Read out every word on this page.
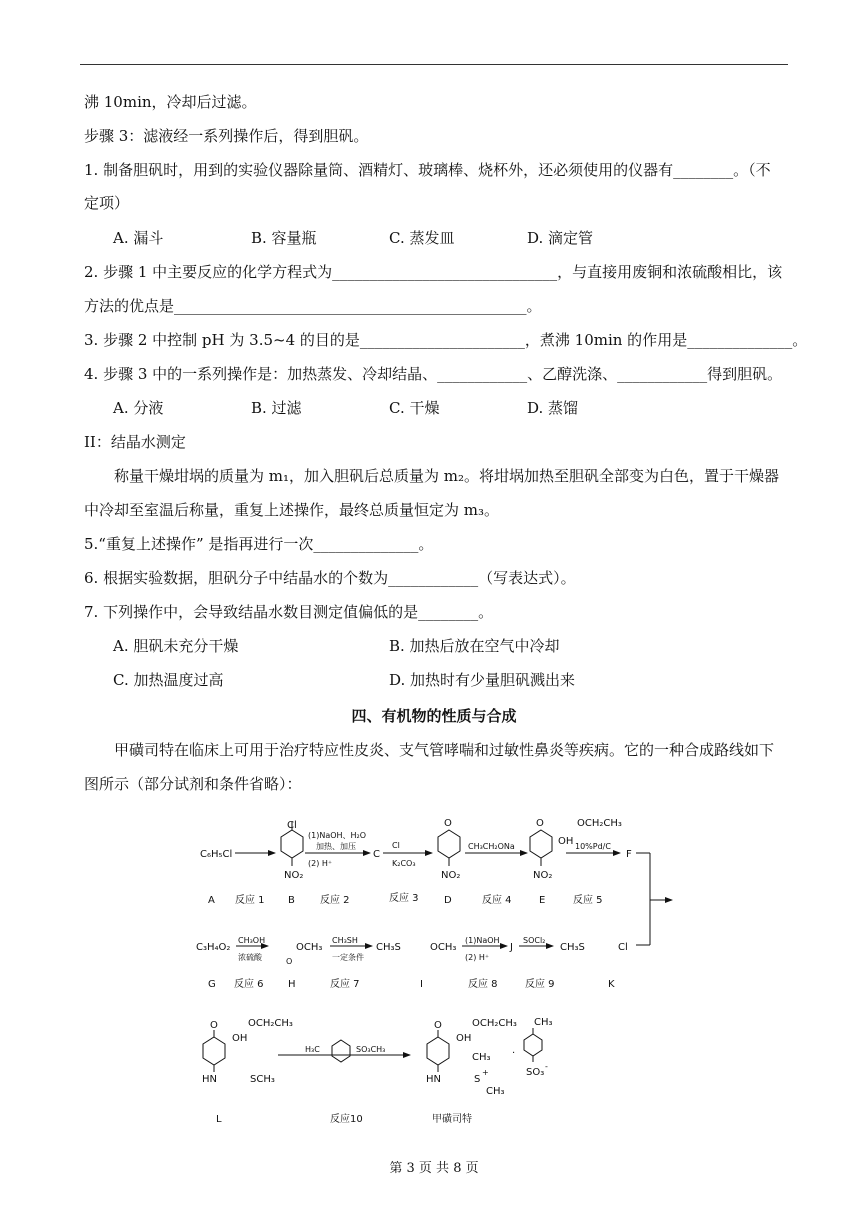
沸 10min，冷却后过滤。
步骤 3：滤液经一系列操作后，得到胆矾。
1. 制备胆矾时，用到的实验仪器除量筒、酒精灯、玻璃棒、烧杯外，还必须使用的仪器有________。（不
定项）
A. 漏斗	B. 容量瓶	C. 蒸发皿	D. 滴定管
2. 步骤 1 中主要反应的化学方程式为______________________________，与直接用废铜和浓硫酸相比，该
方法的优点是_______________________________________________。
3. 步骤 2 中控制 pH 为 3.5~4 的目的是______________________，煮沸 10min 的作用是______________。
4. 步骤 3 中的一系列操作是：加热蒸发、冷却结晶、____________、乙醇洗涤、____________得到胆矾。
A. 分液	B. 过滤	C. 干燥	D. 蒸馏
II：结晶水测定
　　称量干燥坩埚的质量为 m₁，加入胆矾后总质量为 m₂。将坩埚加热至胆矾全部变为白色，置于干燥器
中冷却至室温后称量，重复上述操作，最终总质量恒定为 m₃。
5.“重复上述操作” 是指再进行一次______________。
6. 根据实验数据，胆矾分子中结晶水的个数为____________（写表达式）。
7. 下列操作中，会导致结晶水数目测定值偏低的是________。
A. 胆矾未充分干燥	B. 加热后放在空气中冷却
C. 加热温度过高	D. 加热时有少量胆矾溅出来
四、有机物的性质与合成
　　甲磺司特在临床上可用于治疗特应性皮炎、支气管哮喘和过敏性鼻炎等疾病。它的一种合成路线如下
图所示（部分试剂和条件省略）：
C₆H₅Cl
Cl
NO₂
(1)NaOH、H₂O
加热、加压
(2) H⁺
C
Cl
K₂CO₃
O
NO₂
CH₃CH₂ONa
O	OCH₂CH₃
OH
NO₂
10%Pd/C
F
A 反应 1 B	反应 2	反应 3	D	反应 4	E	反应 5
C₃H₄O₂
CH₃OH
浓硫酸
OCH₃
O
CH₃SH
一定条件
CH₃S	OCH₃
(1)NaOH
(2) H⁺
J
SOCl₂
CH₃S	Cl
G 反应 6 H	反应 7	I	反应 8	反应 9	K
O	OCH₂CH₃
OH
HN	SCH₃
L
H₃C	SO₃CH₃
反应10
O	OCH₂CH₃
OH
HN
CH₃
S
+
CH₃
甲磺司特
·
CH₃
SO₃
-
第 3 页 共 8 页
